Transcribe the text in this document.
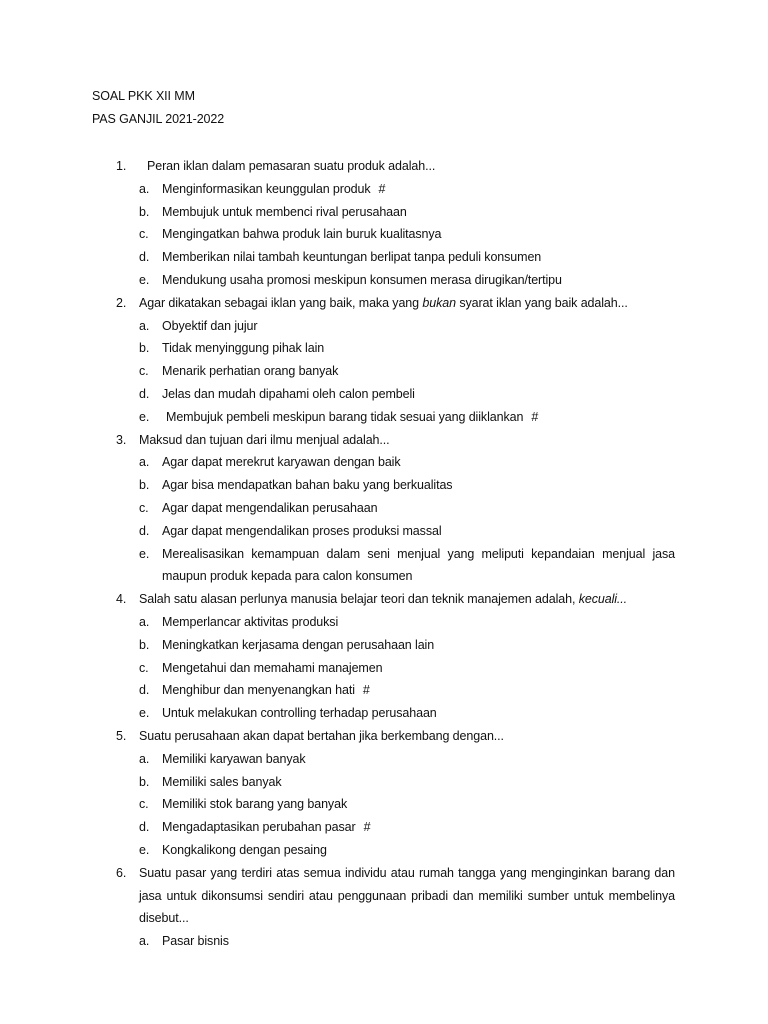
SOAL PKK XII MM
PAS GANJIL 2021-2022
1.	Peran iklan dalam pemasaran suatu produk adalah...
a.	Menginformasikan keunggulan produk #
b.	Membujuk untuk membenci rival perusahaan
c.	Mengingatkan bahwa produk lain buruk kualitasnya
d.	Memberikan nilai tambah keuntungan berlipat tanpa peduli konsumen
e.	Mendukung usaha promosi meskipun konsumen merasa dirugikan/tertipu
2.	Agar dikatakan sebagai iklan yang baik, maka yang bukan syarat iklan yang baik adalah...
a.	Obyektif dan jujur
b.	Tidak menyinggung pihak lain
c.	Menarik perhatian orang banyak
d.	Jelas dan mudah dipahami oleh calon pembeli
e.	Membujuk pembeli meskipun barang tidak sesuai yang diiklankan #
3.	Maksud dan tujuan dari ilmu menjual adalah...
a.	Agar dapat merekrut karyawan dengan baik
b.	Agar bisa mendapatkan bahan baku yang berkualitas
c.	Agar dapat mengendalikan perusahaan
d.	Agar dapat mengendalikan proses produksi massal
e.	Merealisasikan kemampuan dalam seni menjual yang meliputi kepandaian menjual jasa maupun produk kepada para calon konsumen
4.	Salah satu alasan perlunya manusia belajar teori dan teknik manajemen adalah, kecuali...
a.	Memperlancar aktivitas produksi
b.	Meningkatkan kerjasama dengan perusahaan lain
c.	Mengetahui dan memahami manajemen
d.	Menghibur dan menyenangkan hati #
e.	Untuk melakukan controlling terhadap perusahaan
5.	Suatu perusahaan akan dapat bertahan jika berkembang dengan...
a.	Memiliki karyawan banyak
b.	Memiliki sales banyak
c.	Memiliki stok barang yang banyak
d.	Mengadaptasikan perubahan pasar #
e.	Kongkalikong dengan pesaing
6.	Suatu pasar yang terdiri atas semua individu atau rumah tangga yang menginginkan barang dan jasa untuk dikonsumsi sendiri atau penggunaan pribadi dan memiliki sumber untuk membelinya disebut...
a.	Pasar bisnis
